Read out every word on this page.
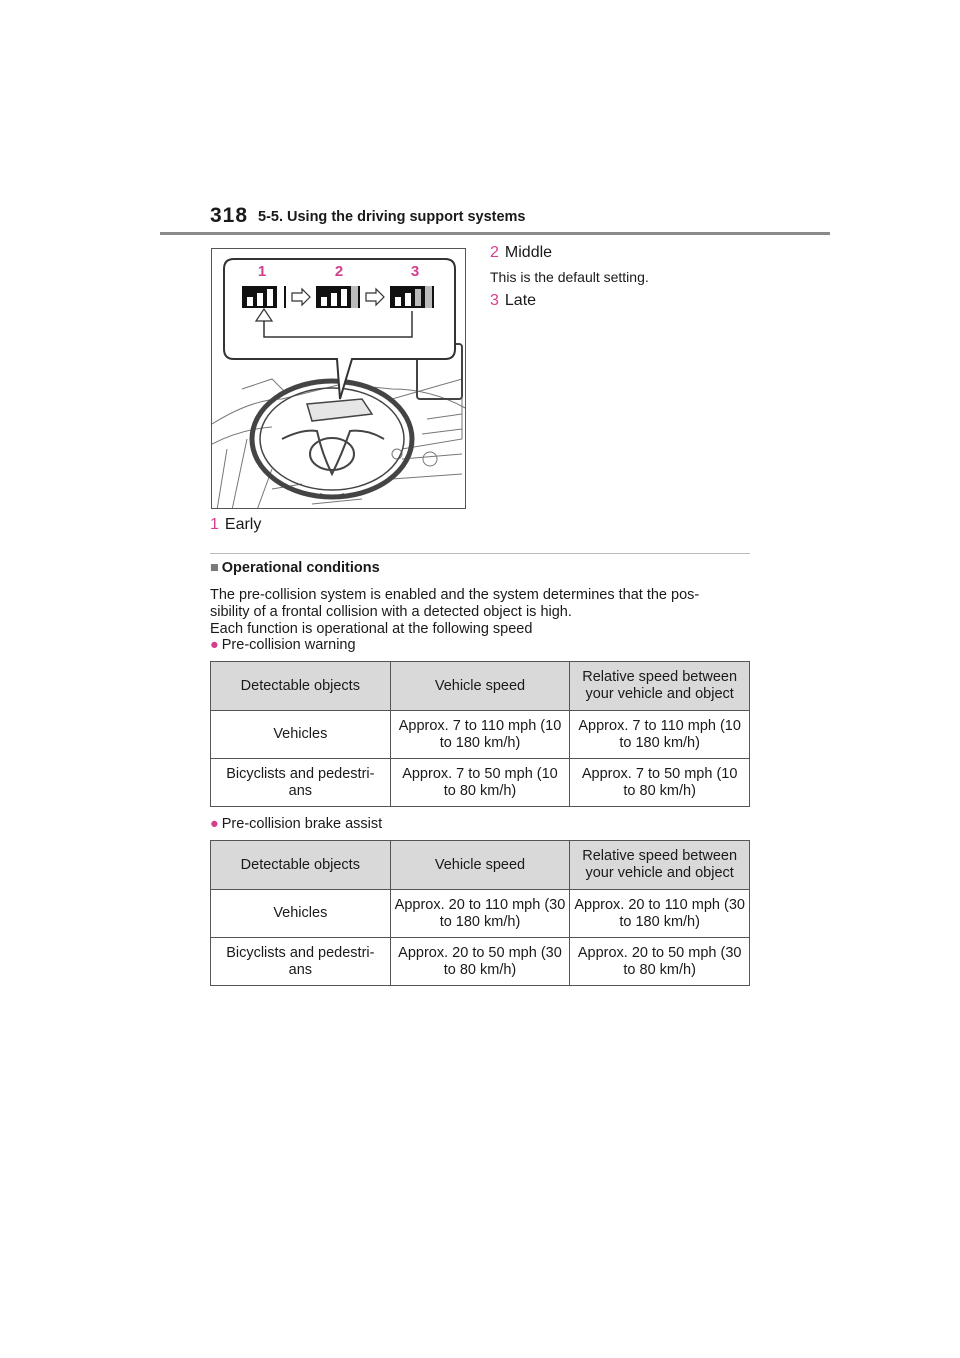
318 5-5. Using the driving support systems
1	2	3
2 Middle
This is the default setting.
3 Late
1 Early
■ Operational conditions
The pre-collision system is enabled and the system determines that the pos-
sibility of a frontal collision with a detected object is high.
Each function is operational at the following speed
● Pre-collision warning
Detectable objects	Vehicle speed	Relative speed between your vehicle and object
Vehicles	Approx. 7 to 110 mph (10 to 180 km/h)	Approx. 7 to 110 mph (10 to 180 km/h)
Bicyclists and pedestri-ans	Approx. 7 to 50 mph (10 to 80 km/h)	Approx. 7 to 50 mph (10 to 80 km/h)
● Pre-collision brake assist
Detectable objects	Vehicle speed	Relative speed between your vehicle and object
Vehicles	Approx. 20 to 110 mph (30 to 180 km/h)	Approx. 20 to 110 mph (30 to 180 km/h)
Bicyclists and pedestri-ans	Approx. 20 to 50 mph (30 to 80 km/h)	Approx. 20 to 50 mph (30 to 80 km/h)
